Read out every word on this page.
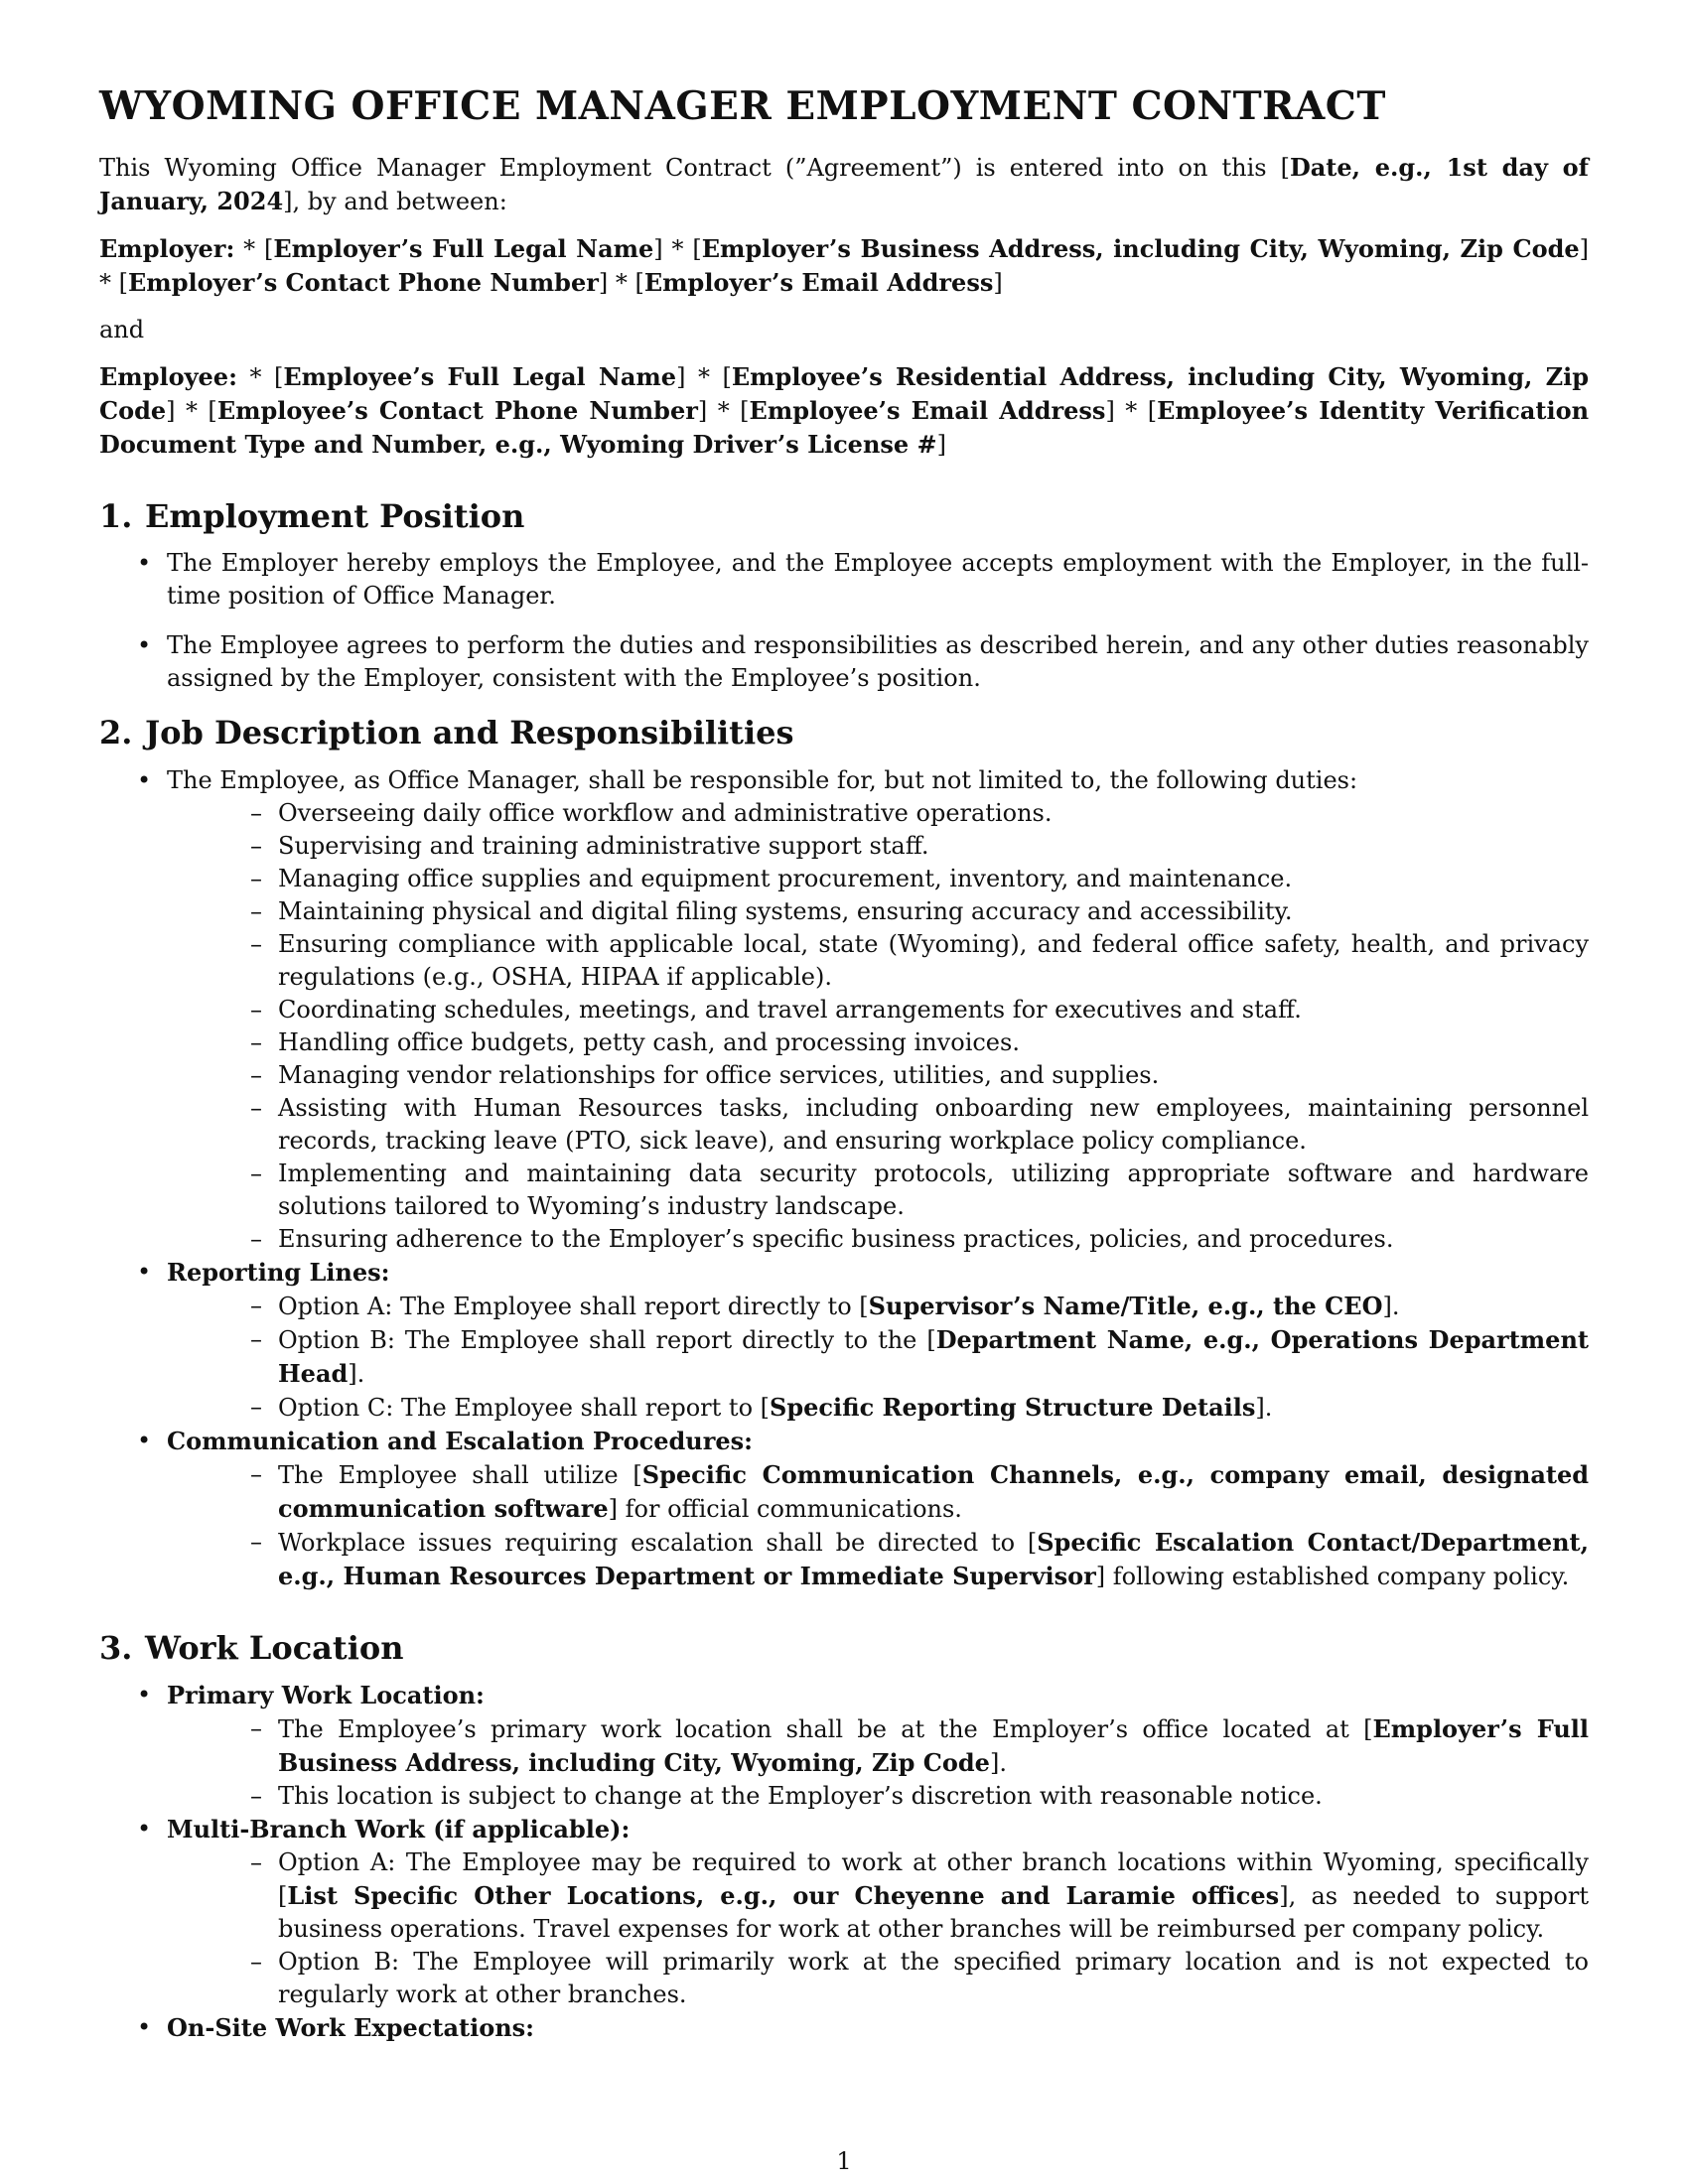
WYOMING OFFICE MANAGER EMPLOYMENT CONTRACT

This Wyoming Office Manager Employment Contract (”Agreement”) is entered into on this [Date, e.g., 1st day of January, 2024], by and between:

Employer: * [Employer’s Full Legal Name] * [Employer’s Business Address, including City, Wyoming, Zip Code] * [Employer’s Contact Phone Number] * [Employer’s Email Address]

and

Employee: * [Employee’s Full Legal Name] * [Employee’s Residential Address, including City, Wyoming, Zip Code] * [Employee’s Contact Phone Number] * [Employee’s Email Address] * [Employee’s Identity Verification Document Type and Number, e.g., Wyoming Driver’s License #]

1. Employment Position
• The Employer hereby employs the Employee, and the Employee accepts employment with the Employer, in the full-time position of Office Manager.
• The Employee agrees to perform the duties and responsibilities as described herein, and any other duties reasonably assigned by the Employer, consistent with the Employee’s position.
2. Job Description and Responsibilities
• The Employee, as Office Manager, shall be responsible for, but not limited to, the following duties:
– Overseeing daily office workflow and administrative operations.
– Supervising and training administrative support staff.
– Managing office supplies and equipment procurement, inventory, and maintenance.
– Maintaining physical and digital filing systems, ensuring accuracy and accessibility.
– Ensuring compliance with applicable local, state (Wyoming), and federal office safety, health, and privacy regulations (e.g., OSHA, HIPAA if applicable).
– Coordinating schedules, meetings, and travel arrangements for executives and staff.
– Handling office budgets, petty cash, and processing invoices.
– Managing vendor relationships for office services, utilities, and supplies.
– Assisting with Human Resources tasks, including onboarding new employees, maintaining personnel records, tracking leave (PTO, sick leave), and ensuring workplace policy compliance.
– Implementing and maintaining data security protocols, utilizing appropriate software and hardware solutions tailored to Wyoming’s industry landscape.
– Ensuring adherence to the Employer’s specific business practices, policies, and procedures.
• Reporting Lines:
– Option A: The Employee shall report directly to [Supervisor’s Name/Title, e.g., the CEO].
– Option B: The Employee shall report directly to the [Department Name, e.g., Operations Department Head].
– Option C: The Employee shall report to [Specific Reporting Structure Details].
• Communication and Escalation Procedures:
– The Employee shall utilize [Specific Communication Channels, e.g., company email, designated communication software] for official communications.
– Workplace issues requiring escalation shall be directed to [Specific Escalation Contact/Department, e.g., Human Resources Department or Immediate Supervisor] following established company policy.
3. Work Location
• Primary Work Location:
– The Employee’s primary work location shall be at the Employer’s office located at [Employer’s Full Business Address, including City, Wyoming, Zip Code].
– This location is subject to change at the Employer’s discretion with reasonable notice.
• Multi-Branch Work (if applicable):
– Option A: The Employee may be required to work at other branch locations within Wyoming, specifically [List Specific Other Locations, e.g., our Cheyenne and Laramie offices], as needed to support business operations. Travel expenses for work at other branches will be reimbursed per company policy.
– Option B: The Employee will primarily work at the specified primary location and is not expected to regularly work at other branches.
• On-Site Work Expectations:
1
